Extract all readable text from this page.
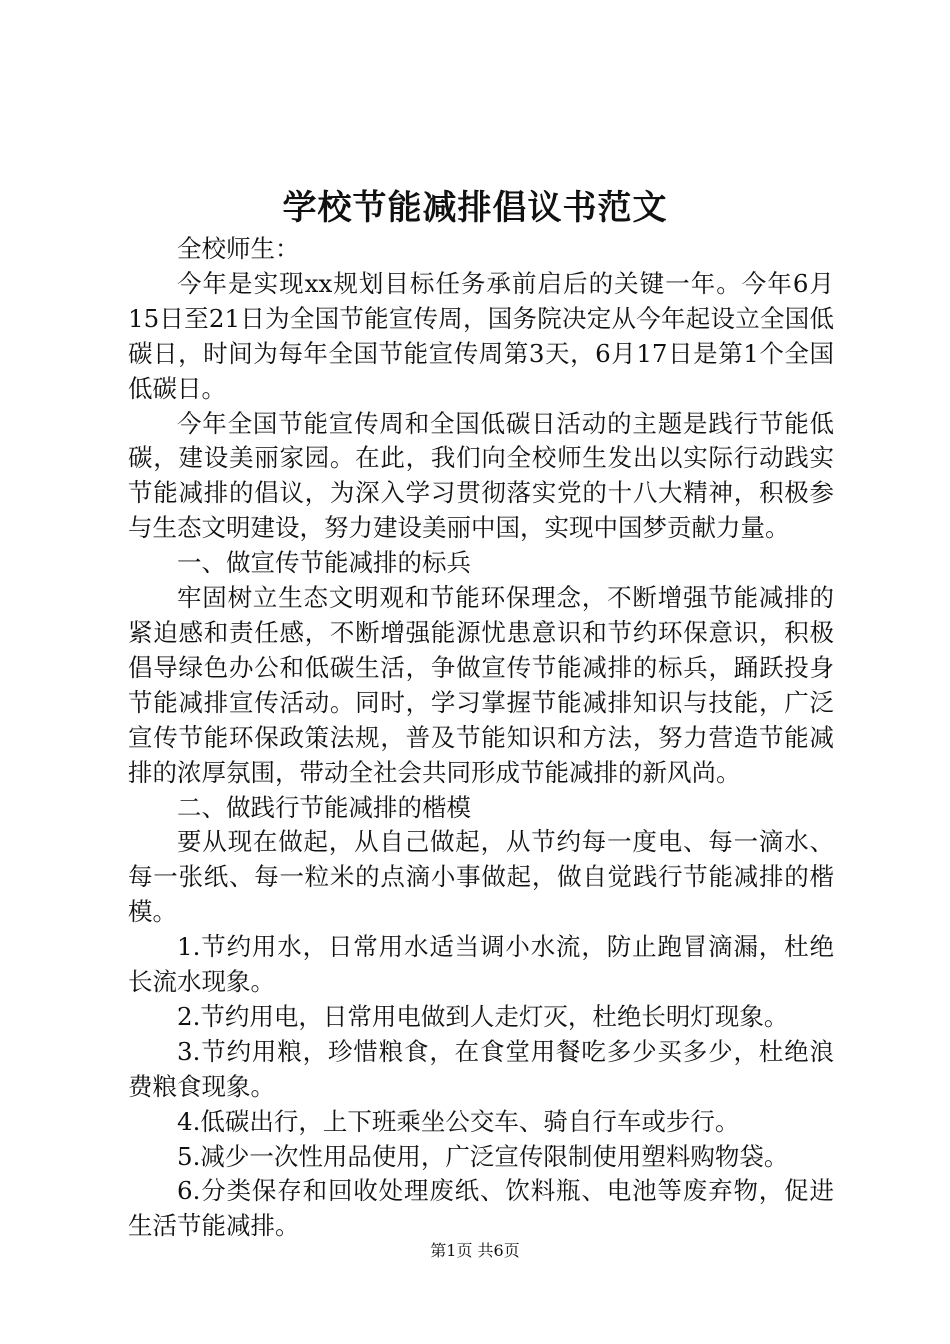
学校节能减排倡议书范文

全校师生：

今年是实现xx规划目标任务承前启后的关键一年。今年6月15日至21日为全国节能宣传周，国务院决定从今年起设立全国低碳日，时间为每年全国节能宣传周第3天，6月17日是第1个全国低碳日。

今年全国节能宣传周和全国低碳日活动的主题是践行节能低碳，建设美丽家园。在此，我们向全校师生发出以实际行动践实节能减排的倡议，为深入学习贯彻落实党的十八大精神，积极参与生态文明建设，努力建设美丽中国，实现中国梦贡献力量。

一、做宣传节能减排的标兵

牢固树立生态文明观和节能环保理念，不断增强节能减排的紧迫感和责任感，不断增强能源忧患意识和节约环保意识，积极倡导绿色办公和低碳生活，争做宣传节能减排的标兵，踊跃投身节能减排宣传活动。同时，学习掌握节能减排知识与技能，广泛宣传节能环保政策法规，普及节能知识和方法，努力营造节能减排的浓厚氛围，带动全社会共同形成节能减排的新风尚。

二、做践行节能减排的楷模

要从现在做起，从自己做起，从节约每一度电、每一滴水、每一张纸、每一粒米的点滴小事做起，做自觉践行节能减排的楷模。

1.节约用水，日常用水适当调小水流，防止跑冒滴漏，杜绝长流水现象。

2.节约用电，日常用电做到人走灯灭，杜绝长明灯现象。

3.节约用粮，珍惜粮食，在食堂用餐吃多少买多少，杜绝浪费粮食现象。

4.低碳出行，上下班乘坐公交车、骑自行车或步行。

5.减少一次性用品使用，广泛宣传限制使用塑料购物袋。

6.分类保存和回收处理废纸、饮料瓶、电池等废弃物，促进生活节能减排。

第1页 共6页
